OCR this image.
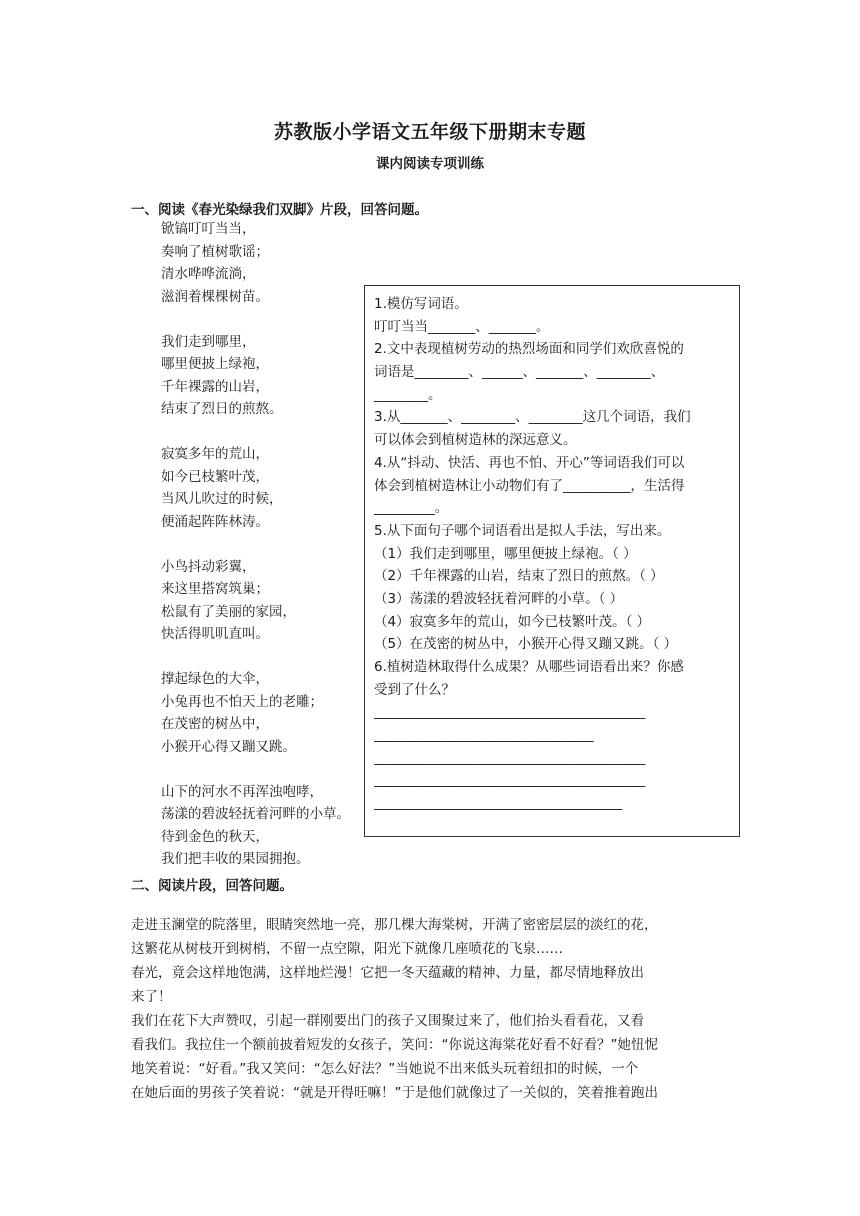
苏教版小学语文五年级下册期末专题
课内阅读专项训练
一、阅读《春光染绿我们双脚》片段，回答问题。
锨镐叮叮当当，
奏响了植树歌谣；
清水哗哗流淌，
滋润着棵棵树苗。
我们走到哪里，
哪里便披上绿袍，
千年裸露的山岩，
结束了烈日的煎熬。
寂寞多年的荒山，
如今已枝繁叶茂，
当风儿吹过的时候，
便涌起阵阵林涛。
小鸟抖动彩翼，
来这里搭窝筑巢；
松鼠有了美丽的家园，
快活得叽叽直叫。
撑起绿色的大伞，
小兔再也不怕天上的老雕；
在茂密的树丛中，
小猴开心得又蹦又跳。
山下的河水不再浑浊咆哮，
荡漾的碧波轻抚着河畔的小草。
待到金色的秋天，
我们把丰收的果园拥抱。
1.模仿写词语。
叮叮当当_______、_______。
2.文中表现植树劳动的热烈场面和同学们欢欣喜悦的
词语是________、______、_______、________、
________。
3.从_______、________、________这几个词语，我们
可以体会到植树造林的深远意义。
4.从“抖动、快活、再也不怕、开心”等词语我们可以
体会到植树造林让小动物们有了__________，生活得
_________。
5.从下面句子哪个词语看出是拟人手法，写出来。
（1）我们走到哪里，哪里便披上绿袍。（ ）
（2）千年裸露的山岩，结束了烈日的煎熬。（ ）
（3）荡漾的碧波轻抚着河畔的小草。（ ）
（4）寂寞多年的荒山，如今已枝繁叶茂。（ ）
（5）在茂密的树丛中，小猴开心得又蹦又跳。（ ）
6.植树造林取得什么成果？从哪些词语看出来？你感
受到了什么？
_______________________________________________
______________________________________
_______________________________________________
_______________________________________________
___________________________________________
二、阅读片段，回答问题。
走进玉澜堂的院落里，眼睛突然地一亮，那几棵大海棠树，开满了密密层层的淡红的花，
这繁花从树枝开到树梢，不留一点空隙，阳光下就像几座喷花的飞泉……
春光，竟会这样地饱满，这样地烂漫！它把一冬天蕴藏的精神、力量，都尽情地释放出
来了！
我们在花下大声赞叹，引起一群刚要出门的孩子又围聚过来了，他们抬头看看花，又看
看我们。我拉住一个额前披着短发的女孩子，笑问：“你说这海棠花好看不好看？”她忸怩
地笑着说：“好看。”我又笑问：“怎么好法？”当她说不出来低头玩着纽扣的时候，一个
在她后面的男孩子笑着说：“就是开得旺嘛！”于是他们就像过了一关似的，笑着推着跑出
